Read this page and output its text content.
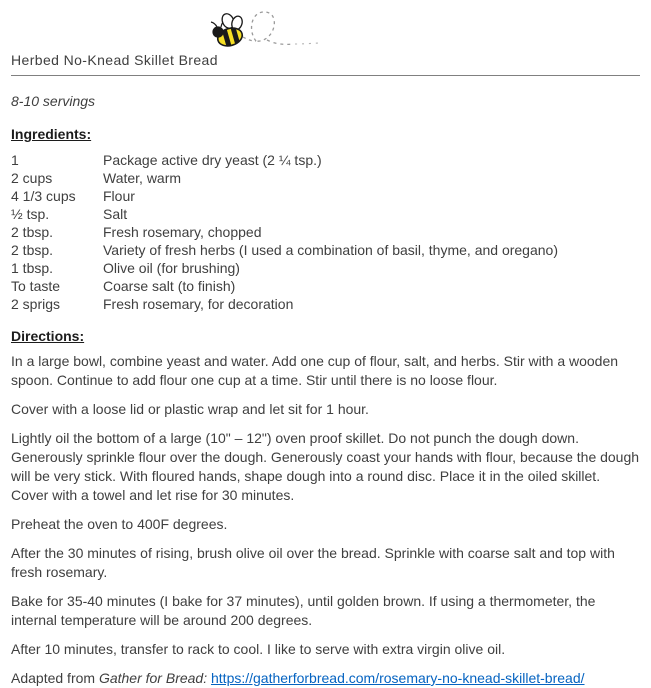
Herbed No-Knead Skillet Bread

8-10 servings

Ingredients:
1	Package active dry yeast (2 ¼ tsp.)
2 cups	Water, warm
4 1/3 cups	Flour
½ tsp.	Salt
2 tbsp.	Fresh rosemary, chopped
2 tbsp.	Variety of fresh herbs (I used a combination of basil, thyme, and oregano)
1 tbsp.	Olive oil (for brushing)
To taste	Coarse salt (to finish)
2 sprigs	Fresh rosemary, for decoration
Directions:

In a large bowl, combine yeast and water. Add one cup of flour, salt, and herbs. Stir with a wooden spoon. Continue to add flour one cup at a time. Stir until there is no loose flour.

Cover with a loose lid or plastic wrap and let sit for 1 hour.

Lightly oil the bottom of a large (10" – 12") oven proof skillet. Do not punch the dough down. Generously sprinkle flour over the dough. Generously coast your hands with flour, because the dough will be very stick. With floured hands, shape dough into a round disc. Place it in the oiled skillet. Cover with a towel and let rise for 30 minutes.

Preheat the oven to 400F degrees.

After the 30 minutes of rising, brush olive oil over the bread. Sprinkle with coarse salt and top with fresh rosemary.

Bake for 35-40 minutes (I bake for 37 minutes), until golden brown. If using a thermometer, the internal temperature will be around 200 degrees.

After 10 minutes, transfer to rack to cool. I like to serve with extra virgin olive oil.

Adapted from Gather for Bread: https://gatherforbread.com/rosemary-no-knead-skillet-bread/
